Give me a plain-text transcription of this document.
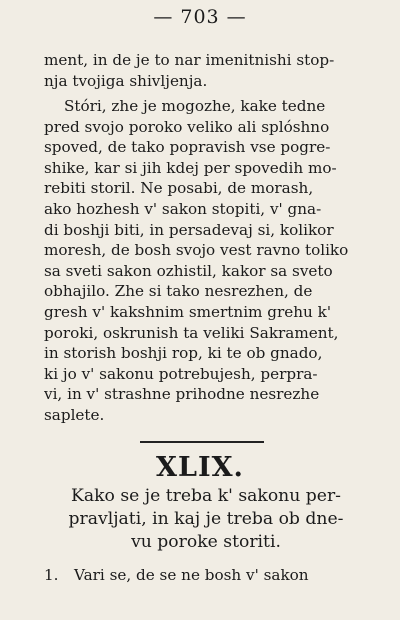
— 703 —
ment, in de je to nar imenitnishi stop-
nja tvojiga shivljenja.
Stóri, zhe je mogozhe, kake tedne
pred svojo poroko veliko ali splóshno
spoved, de tako popravish vse pogre-
shike, kar si jih kdej per spovedih mo-
rebiti storil. Ne posabi, de morash,
ako hozhesh v' sakon stopiti, v' gna-
di boshji biti, in persadevaj si, kolikor
moresh, de bosh svojo vest ravno toliko
sa sveti sakon ozhistil, kakor sa sveto
obhajilo. Zhe si tako nesrezhen, de
gresh v' kakshnim smertnim grehu k'
poroki, oskrunish ta veliki Sakrament,
in storish boshji rop, ki te ob gnado,
ki jo v' sakonu potrebujesh, perpra-
vi, in v' strashne prihodne nesrezhe
saplete.
XLIX.
Kako se je treba k' sakonu per-
pravljati, in kaj je treba ob dne-
vu poroke storiti.
1. Vari se, de se ne bosh v' sakon
